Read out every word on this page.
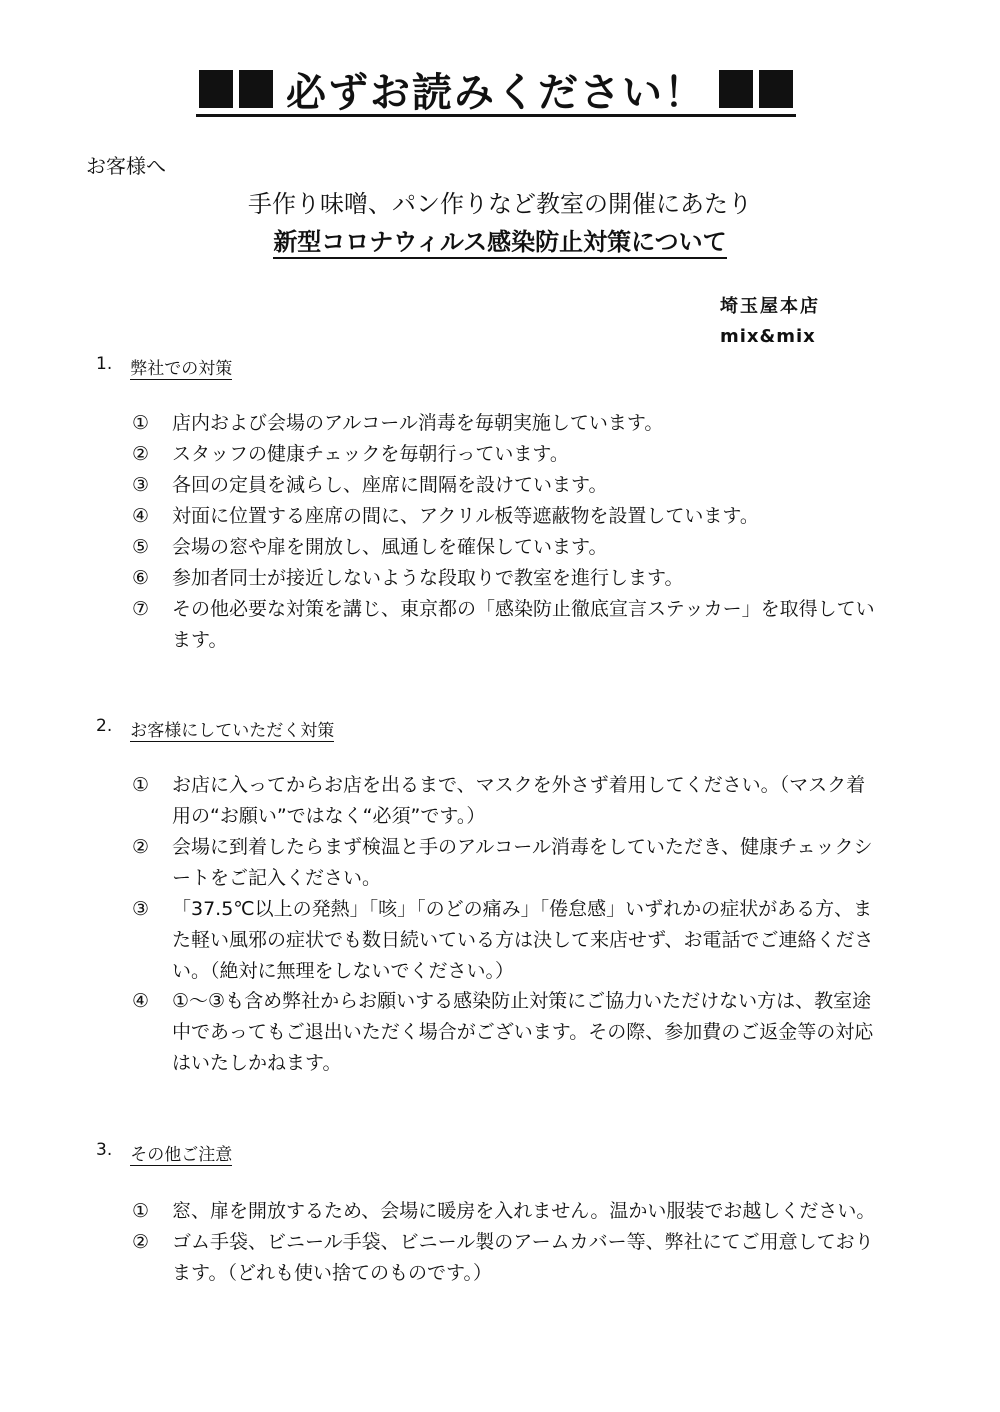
必ずお読みください！
お客様へ
手作り味噌、パン作りなど教室の開催にあたり
新型コロナウィルス感染防止対策について
埼玉屋本店
mix&mix
1. 弊社での対策
①	店内および会場のアルコール消毒を毎朝実施しています。
②	スタッフの健康チェックを毎朝行っています。
③	各回の定員を減らし、座席に間隔を設けています。
④	対面に位置する座席の間に、アクリル板等遮蔽物を設置しています。
⑤	会場の窓や扉を開放し、風通しを確保しています。
⑥	参加者同士が接近しないような段取りで教室を進行します。
⑦	その他必要な対策を講じ、東京都の「感染防止徹底宣言ステッカー」を取得しています。
2. お客様にしていただく対策
①	お店に入ってからお店を出るまで、マスクを外さず着用してください。（マスク着用の“お願い”ではなく“必須”です。）
②	会場に到着したらまず検温と手のアルコール消毒をしていただき、健康チェックシートをご記入ください。
③	「37.5℃以上の発熱」「咳」「のどの痛み」「倦怠感」いずれかの症状がある方、また軽い風邪の症状でも数日続いている方は決して来店せず、お電話でご連絡ください。（絶対に無理をしないでください。）
④	①～③も含め弊社からお願いする感染防止対策にご協力いただけない方は、教室途中であってもご退出いただく場合がございます。その際、参加費のご返金等の対応はいたしかねます。
3. その他ご注意
①	窓、扉を開放するため、会場に暖房を入れません。温かい服装でお越しください。
②	ゴム手袋、ビニール手袋、ビニール製のアームカバー等、弊社にてご用意しております。（どれも使い捨てのものです。）
